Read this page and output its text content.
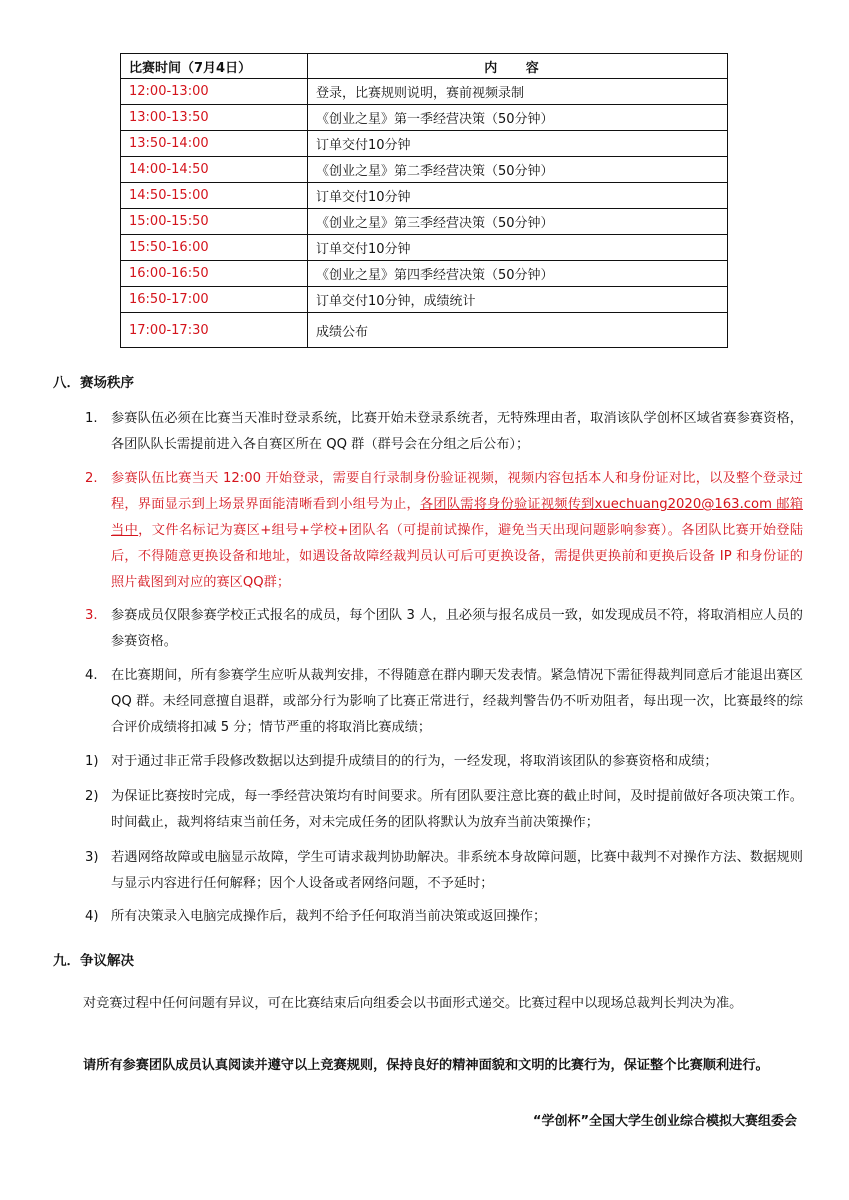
比赛时间（7月4日）	内 容
12:00-13:00	登录，比赛规则说明，赛前视频录制
13:00-13:50	《创业之星》第一季经营决策（50分钟）
13:50-14:00	订单交付10分钟
14:00-14:50	《创业之星》第二季经营决策（50分钟）
14:50-15:00	订单交付10分钟
15:00-15:50	《创业之星》第三季经营决策（50分钟）
15:50-16:00	订单交付10分钟
16:00-16:50	《创业之星》第四季经营决策（50分钟）
16:50-17:00	订单交付10分钟，成绩统计
17:00-17:30	成绩公布
八．赛场秩序
1. 参赛队伍必须在比赛当天准时登录系统，比赛开始未登录系统者，无特殊理由者，取消该队学创杯区域省赛参赛资格，各团队队长需提前进入各自赛区所在 QQ 群（群号会在分组之后公布）；
2. 参赛队伍比赛当天 12:00 开始登录，需要自行录制身份验证视频，视频内容包括本人和身份证对比，以及整个登录过程，界面显示到上场景界面能清晰看到小组号为止，各团队需将身份验证视频传到xuechuang2020@163.com 邮箱当中，文件名标记为赛区+组号+学校+团队名（可提前试操作，避免当天出现问题影响参赛）。各团队比赛开始登陆后，不得随意更换设备和地址，如遇设备故障经裁判员认可后可更换设备，需提供更换前和更换后设备 IP 和身份证的照片截图到对应的赛区QQ群；
3. 参赛成员仅限参赛学校正式报名的成员，每个团队 3 人，且必须与报名成员一致，如发现成员不符，将取消相应人员的参赛资格。
4. 在比赛期间，所有参赛学生应听从裁判安排，不得随意在群内聊天发表情。紧急情况下需征得裁判同意后才能退出赛区 QQ 群。未经同意擅自退群，或部分行为影响了比赛正常进行，经裁判警告仍不听劝阻者，每出现一次，比赛最终的综合评价成绩将扣减 5 分；情节严重的将取消比赛成绩；
1) 对于通过非正常手段修改数据以达到提升成绩目的的行为，一经发现，将取消该团队的参赛资格和成绩；
2) 为保证比赛按时完成，每一季经营决策均有时间要求。所有团队要注意比赛的截止时间，及时提前做好各项决策工作。时间截止，裁判将结束当前任务，对未完成任务的团队将默认为放弃当前决策操作；
3) 若遇网络故障或电脑显示故障，学生可请求裁判协助解决。非系统本身故障问题，比赛中裁判不对操作方法、数据规则与显示内容进行任何解释；因个人设备或者网络问题，不予延时；
4) 所有决策录入电脑完成操作后，裁判不给予任何取消当前决策或返回操作；
九．争议解决
对竞赛过程中任何问题有异议，可在比赛结束后向组委会以书面形式递交。比赛过程中以现场总裁判长判决为准。
请所有参赛团队成员认真阅读并遵守以上竞赛规则，保持良好的精神面貌和文明的比赛行为，保证整个比赛顺利进行。
“学创杯”全国大学生创业综合模拟大赛组委会
